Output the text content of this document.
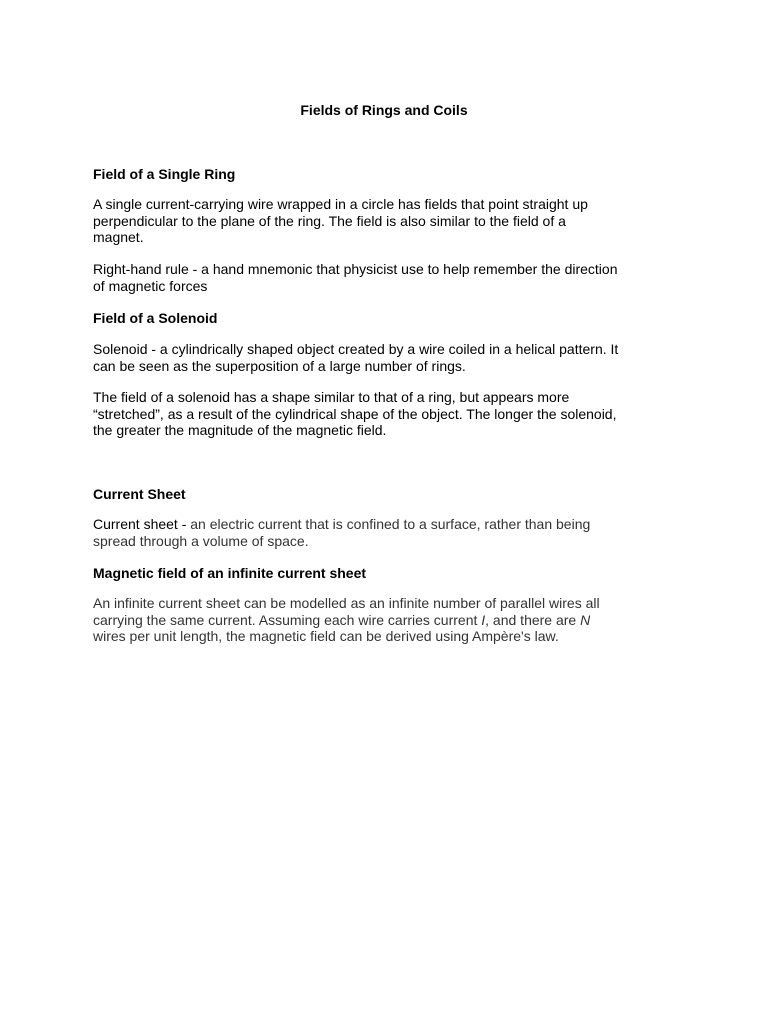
Fields of Rings and Coils
Field of a Single Ring

A single current-carrying wire wrapped in a circle has fields that point straight up
perpendicular to the plane of the ring. The field is also similar to the field of a
magnet.

Right-hand rule - a hand mnemonic that physicist use to help remember the direction
of magnetic forces

Field of a Solenoid

Solenoid - a cylindrically shaped object created by a wire coiled in a helical pattern. It
can be seen as the superposition of a large number of rings.

The field of a solenoid has a shape similar to that of a ring, but appears more
“stretched”, as a result of the cylindrical shape of the object. The longer the solenoid,
the greater the magnitude of the magnetic field.

Current Sheet

Current sheet - an electric current that is confined to a surface, rather than being
spread through a volume of space.

Magnetic field of an infinite current sheet

An infinite current sheet can be modelled as an infinite number of parallel wires all
carrying the same current. Assuming each wire carries current I, and there are N
wires per unit length, the magnetic field can be derived using Ampère's law.
